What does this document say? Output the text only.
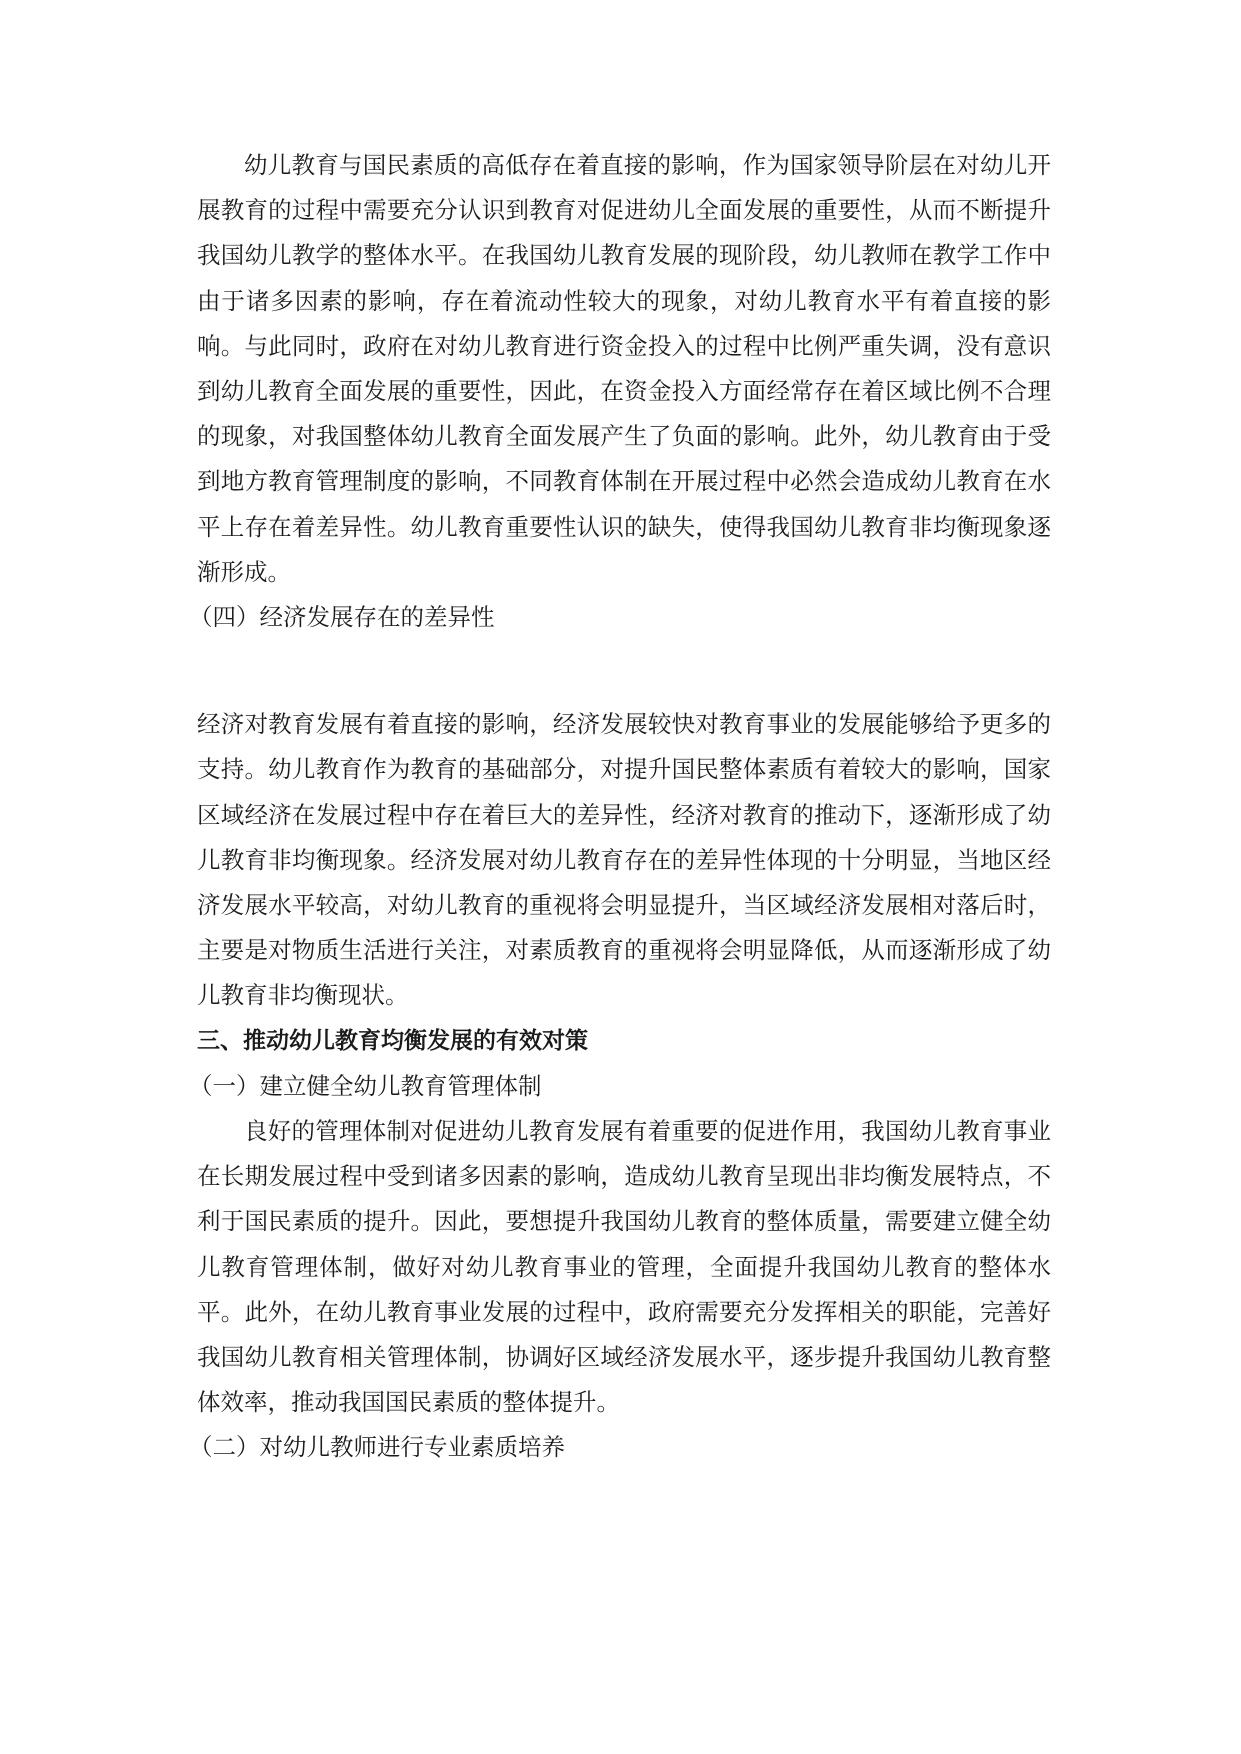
幼儿教育与国民素质的高低存在着直接的影响，作为国家领导阶层在对幼儿开展教育的过程中需要充分认识到教育对促进幼儿全面发展的重要性，从而不断提升我国幼儿教学的整体水平。在我国幼儿教育发展的现阶段，幼儿教师在教学工作中由于诸多因素的影响，存在着流动性较大的现象，对幼儿教育水平有着直接的影响。与此同时，政府在对幼儿教育进行资金投入的过程中比例严重失调，没有意识到幼儿教育全面发展的重要性，因此，在资金投入方面经常存在着区域比例不合理的现象，对我国整体幼儿教育全面发展产生了负面的影响。此外，幼儿教育由于受到地方教育管理制度的影响，不同教育体制在开展过程中必然会造成幼儿教育在水平上存在着差异性。幼儿教育重要性认识的缺失，使得我国幼儿教育非均衡现象逐渐形成。

（四）经济发展存在的差异性

经济对教育发展有着直接的影响，经济发展较快对教育事业的发展能够给予更多的支持。幼儿教育作为教育的基础部分，对提升国民整体素质有着较大的影响，国家区域经济在发展过程中存在着巨大的差异性，经济对教育的推动下，逐渐形成了幼儿教育非均衡现象。经济发展对幼儿教育存在的差异性体现的十分明显，当地区经济发展水平较高，对幼儿教育的重视将会明显提升，当区域经济发展相对落后时，主要是对物质生活进行关注，对素质教育的重视将会明显降低，从而逐渐形成了幼儿教育非均衡现状。

三、推动幼儿教育均衡发展的有效对策

（一）建立健全幼儿教育管理体制

良好的管理体制对促进幼儿教育发展有着重要的促进作用，我国幼儿教育事业在长期发展过程中受到诸多因素的影响，造成幼儿教育呈现出非均衡发展特点，不利于国民素质的提升。因此，要想提升我国幼儿教育的整体质量，需要建立健全幼儿教育管理体制，做好对幼儿教育事业的管理，全面提升我国幼儿教育的整体水平。此外，在幼儿教育事业发展的过程中，政府需要充分发挥相关的职能，完善好我国幼儿教育相关管理体制，协调好区域经济发展水平，逐步提升我国幼儿教育整体效率，推动我国国民素质的整体提升。

（二）对幼儿教师进行专业素质培养
